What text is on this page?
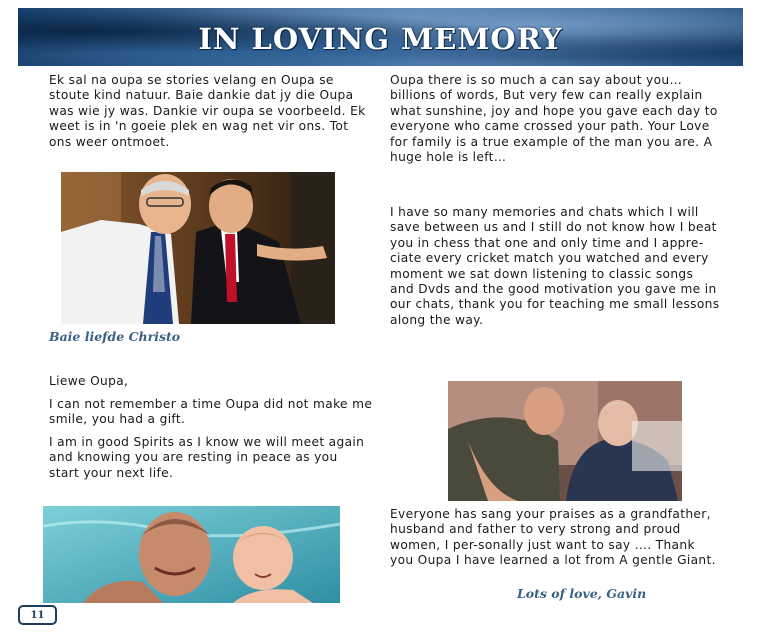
IN LOVING MEMORY

Ek sal na oupa se stories velang en Oupa se stoute kind natuur. Baie dankie dat jy die Oupa was wie jy was. Dankie vir oupa se voorbeeld. Ek weet is in 'n goeie plek en wag net vir ons. Tot ons weer ontmoet.

Baie liefde Christo

Liewe Oupa,

I can not remember a time Oupa did not make me smile, you had a gift.

I am in good Spirits as I know we will meet again and knowing you are resting in peace as you start your next life.

Oupa there is so much a can say about you… billions of words, But very few can really explain what sunshine, joy and hope you gave each day to everyone who came crossed your path. Your Love for family is a true example of the man you are. A huge hole is left…

I have so many memories and chats which I will save between us and I still do not know how I beat you in chess that one and only time and I appre-ciate every cricket match you watched and every moment we sat down listening to classic songs and Dvds and the good motivation you gave me in our chats, thank you for teaching me small lessons along the way.

Everyone has sang your praises as a grandfather, husband and father to very strong and proud women, I per-sonally just want to say …. Thank you Oupa I have learned a lot from A gentle Giant.

Lots of love, Gavin
11
